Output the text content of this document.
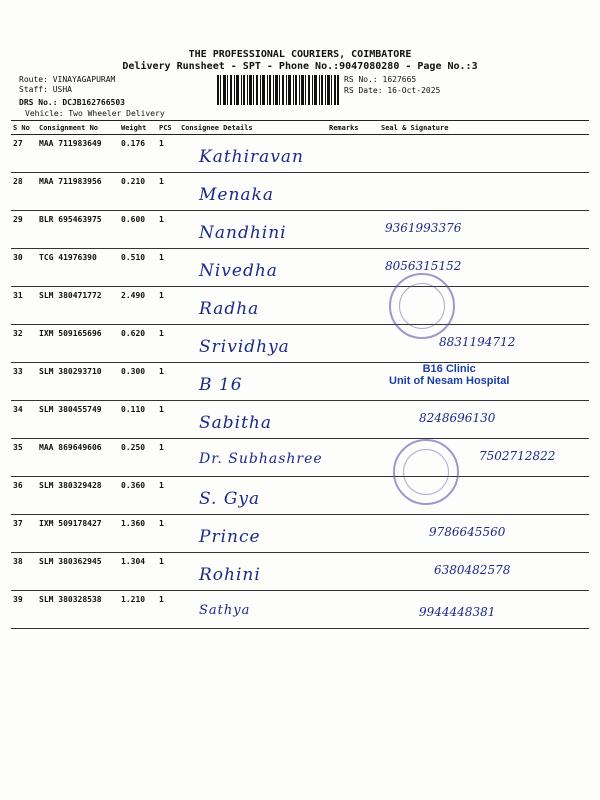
THE PROFESSIONAL COURIERS, COIMBATORE
Delivery Runsheet - SPT - Phone No.:9047080280 - Page No.:3
Route: VINAYAGAPURAM
Staff: USHA
DRS No.: DCJB162766503
Vehicle: Two Wheeler Delivery
RS No.: 1627665
RS Date: 16-Oct-2025
S No	Consignment No	Weight	PCS	Consignee Details	Remarks	Seal & Signature
27	MAA 711983649	0.176	1	Kathiravan		

28	MAA 711983956	0.210	1	Menaka		

29	BLR 695463975	0.600	1	Nandhini		9361993376

30	TCG 41976390	0.510	1	Nivedha		8056315152

31	SLM 380471772	2.490	1	Radha		

32	IXM 509165696	0.620	1	Srividhya		8831194712

33	SLM 380293710	0.300	1	B 16		B16 Clinic
Unit of Nesam Hospital

34	SLM 380455749	0.110	1	Sabitha		8248696130

35	MAA 869649606	0.250	1	Dr. Subhashree		7502712822

36	SLM 380329428	0.360	1	S. Gya		

37	IXM 509178427	1.360	1	Prince		9786645560

38	SLM 380362945	1.304	1	Rohini		6380482578

39	SLM 380328538	1.210	1	Sathya		9944448381
